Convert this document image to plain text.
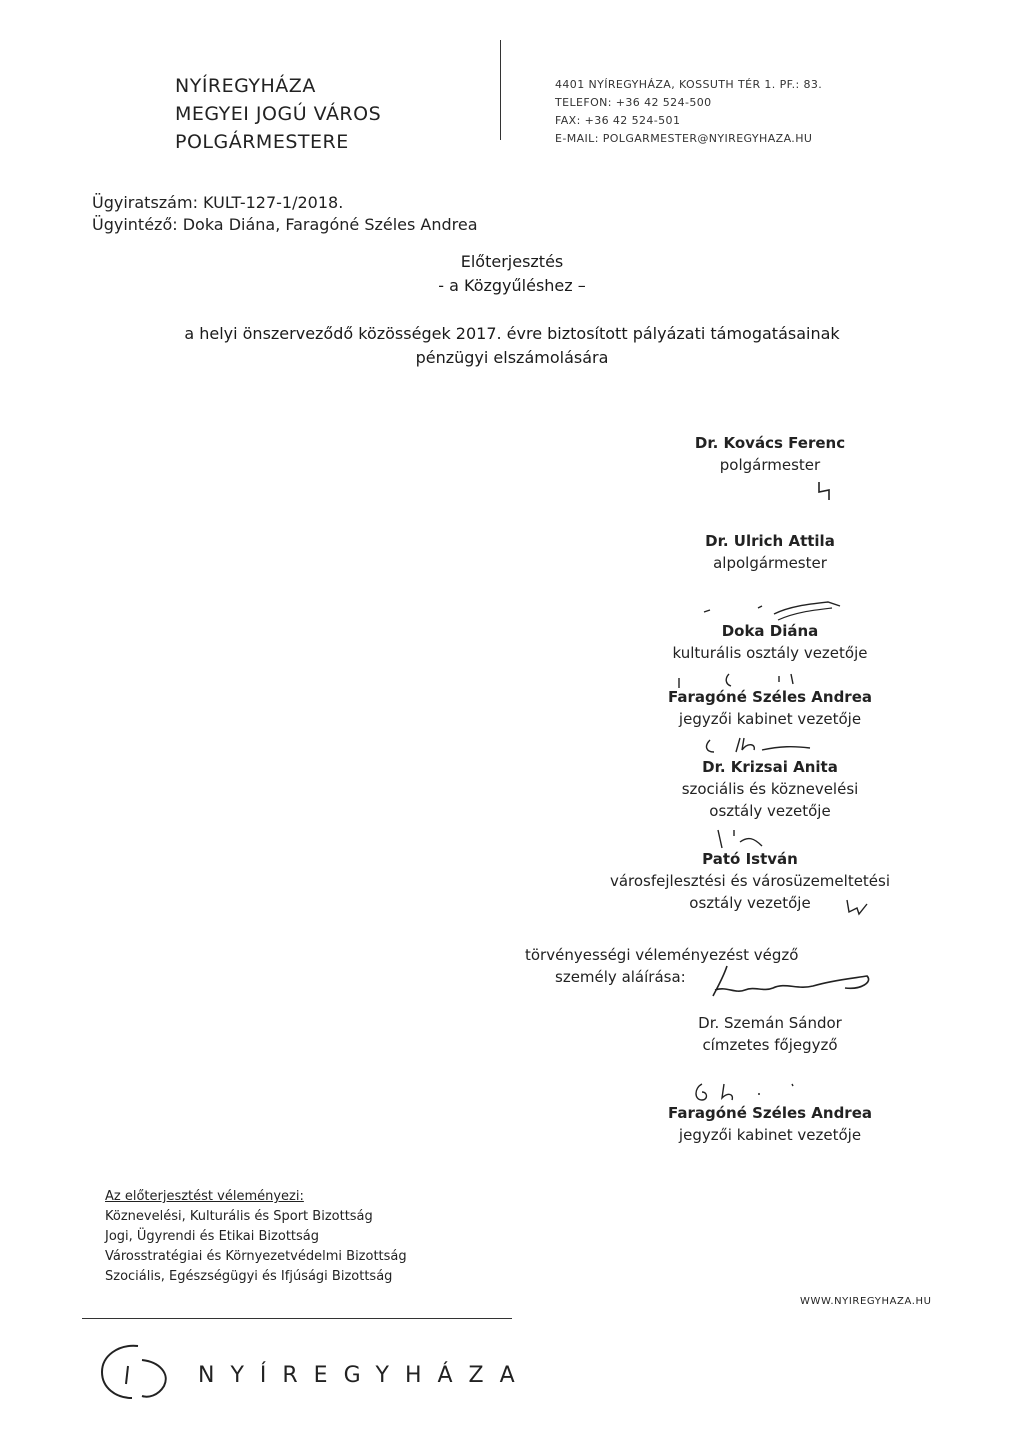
NYÍREGYHÁZA
MEGYEI JOGÚ VÁROS
POLGÁRMESTERE
4401 NYÍREGYHÁZA, KOSSUTH TÉR 1. PF.: 83.
TELEFON: +36 42 524-500
FAX: +36 42 524-501
E-MAIL: POLGARMESTER@NYIREGYHAZA.HU
Ügyiratszám: KULT-127-1/2018.
Ügyintéző: Doka Diána, Faragóné Széles Andrea
Előterjesztés
- a Közgyűléshez –
a helyi önszerveződő közösségek 2017. évre biztosított pályázati támogatásainak
pénzügyi elszámolására
Dr. Kovács Ferenc
polgármester
Dr. Ulrich Attila
alpolgármester
Doka Diána
kulturális osztály vezetője
Faragóné Széles Andrea
jegyzői kabinet vezetője
Dr. Krizsai Anita
szociális és köznevelési
osztály vezetője
Pató István
városfejlesztési és városüzemeltetési
osztály vezetője
törvényességi véleményezést végző
személy aláírása:
Dr. Szemán Sándor
címzetes főjegyző
Faragóné Széles Andrea
jegyzői kabinet vezetője
Az előterjesztést véleményezi:
Köznevelési, Kulturális és Sport Bizottság
Jogi, Ügyrendi és Etikai Bizottság
Városstratégiai és Környezetvédelmi Bizottság
Szociális, Egészségügyi és Ifjúsági Bizottság
WWW.NYIREGYHAZA.HU
NYÍREGYHÁZA
